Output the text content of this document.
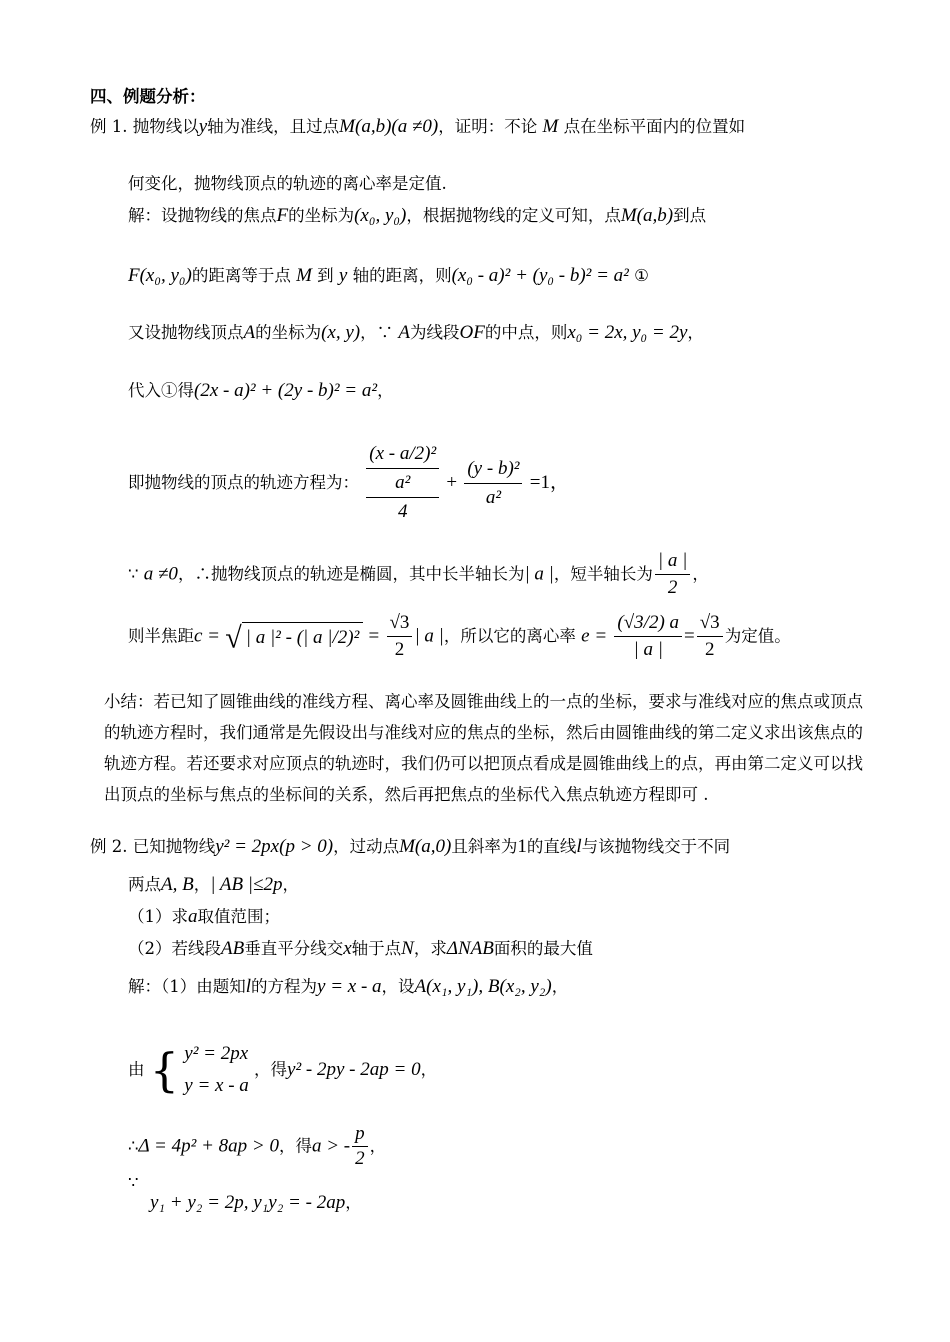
四、例题分析：
例 1. 抛物线以y轴为准线，且过点M(a,b)(a ≠0)，证明：不论 M 点在坐标平面内的位置如
何变化，抛物线顶点的轨迹的离心率是定值.
解：设抛物线的焦点F的坐标为(x₀, y₀)，根据抛物线的定义可知，点M(a,b)到点
F(x₀, y₀)的距离等于点 M 到 y 轴的距离，则(x₀ - a)² + (y₀ - b)² = a² ①
又设抛物线顶点A的坐标为(x, y)，∵ A为线段OF的中点，则x₀ = 2x, y₀ = 2y，
代入①得(2x - a)² + (2y - b)² = a²，
即抛物线的顶点的轨迹方程为：
(x - a/2)²
a²
4
+ $\frac{\text{(y - b)²}}{\text{a²}} =1$，
∵ a ≠0，∴抛物线顶点的轨迹是椭圆，其中长半轴长为| a |，短半轴长为 $\frac{| a |}{2}$ ，
则半焦距c = √ | a |² - (| a $|/2)^2 = \frac{√3}{2}$ | a |，所以它的离心率 $e = \frac{(√3/2) a}{| a |} = \frac{√3}{2}$ 为定值。
小结：若已知了圆锥曲线的准线方程、离心率及圆锥曲线上的一点的坐标，要求与准线对应的焦点或顶点的轨迹方程时，我们通常是先假设出与准线对应的焦点的坐标，然后由圆锥曲线的第二定义求出该焦点的轨迹方程。若还要求对应顶点的轨迹时，我们仍可以把顶点看成是圆锥曲线上的点，再由第二定义可以找出顶点的坐标与焦点的坐标间的关系，然后再把焦点的坐标代入焦点轨迹方程即可 .
例 2. 已知抛物线y² = 2px(p > 0)，过动点M(a,0)且斜率为1的直线l与该抛物线交于不同
两点A, B，| AB |≤2p，
（1）求a取值范围；
（2）若线段AB垂直平分线交x轴于点N，求ΔNAB面积的最大值
解：（1）由题知l的方程为y = x - a，设A(x₁, y₁), B(x₂, y₂)，
由 { y² = 2px
y = x - a
，得y² - 2py - 2ap = 0，
∴Δ = 4p² + 8ap > 0，得a > - $\frac{p}{2}$ ，
∵
y₁ + y₂ = 2p, y₁y₂ = - 2ap，
